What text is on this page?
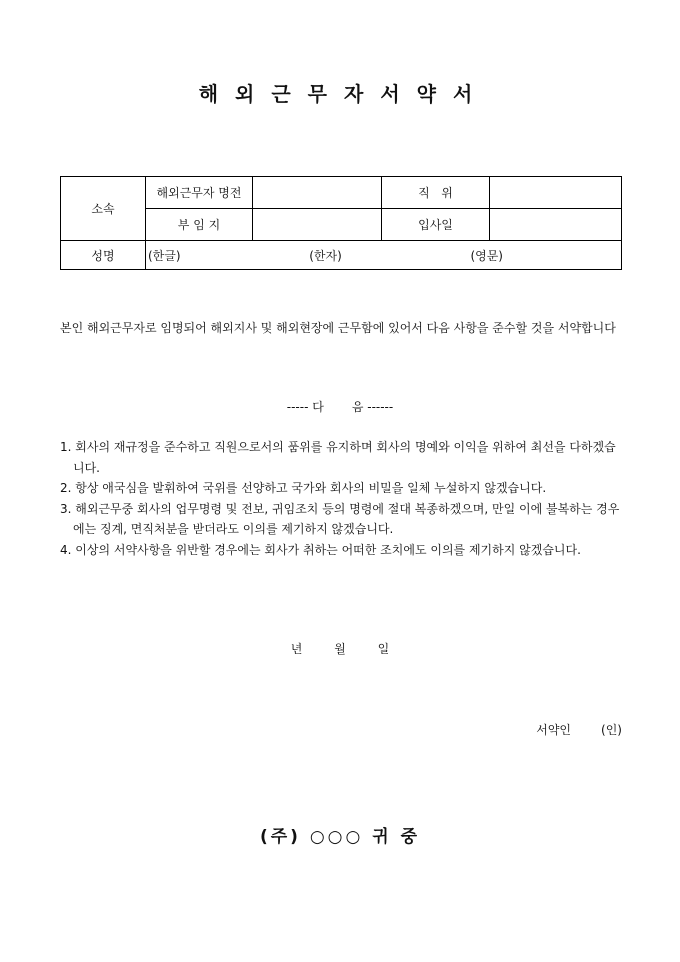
해외근무자서약서
소속	해외근무자 명전		직   위	
	부 임 지		입사일	
성명	(한글) (한자) (영문)			
본인 해외근무자로 임명되어 해외지사 및 해외현장에 근무함에 있어서 다음 사항을 준수할 것을 서약합니다
----- 다 음 ------
1. 회사의 재규정을 준수하고 직원으로서의 품위를 유지하며 회사의 명예와 이익을 위하여 최선을 다하겠습니다.
2. 항상 애국심을 발휘하여 국위를 선양하고 국가와 회사의 비밀을 일체 누설하지 않겠습니다.
3. 해외근무중 회사의 업무명령 및 전보, 귀임조치 등의 명령에 절대 복종하겠으며, 만일 이에 불복하는 경우에는 징계, 면직처분을 받더라도 이의를 제기하지 않겠습니다.
4. 이상의 서약사항을 위반할 경우에는 회사가 취하는 어떠한 조치에도 이의를 제기하지 않겠습니다.
년	월	일
서약인	(인)
(주) ○○○ 귀 중
